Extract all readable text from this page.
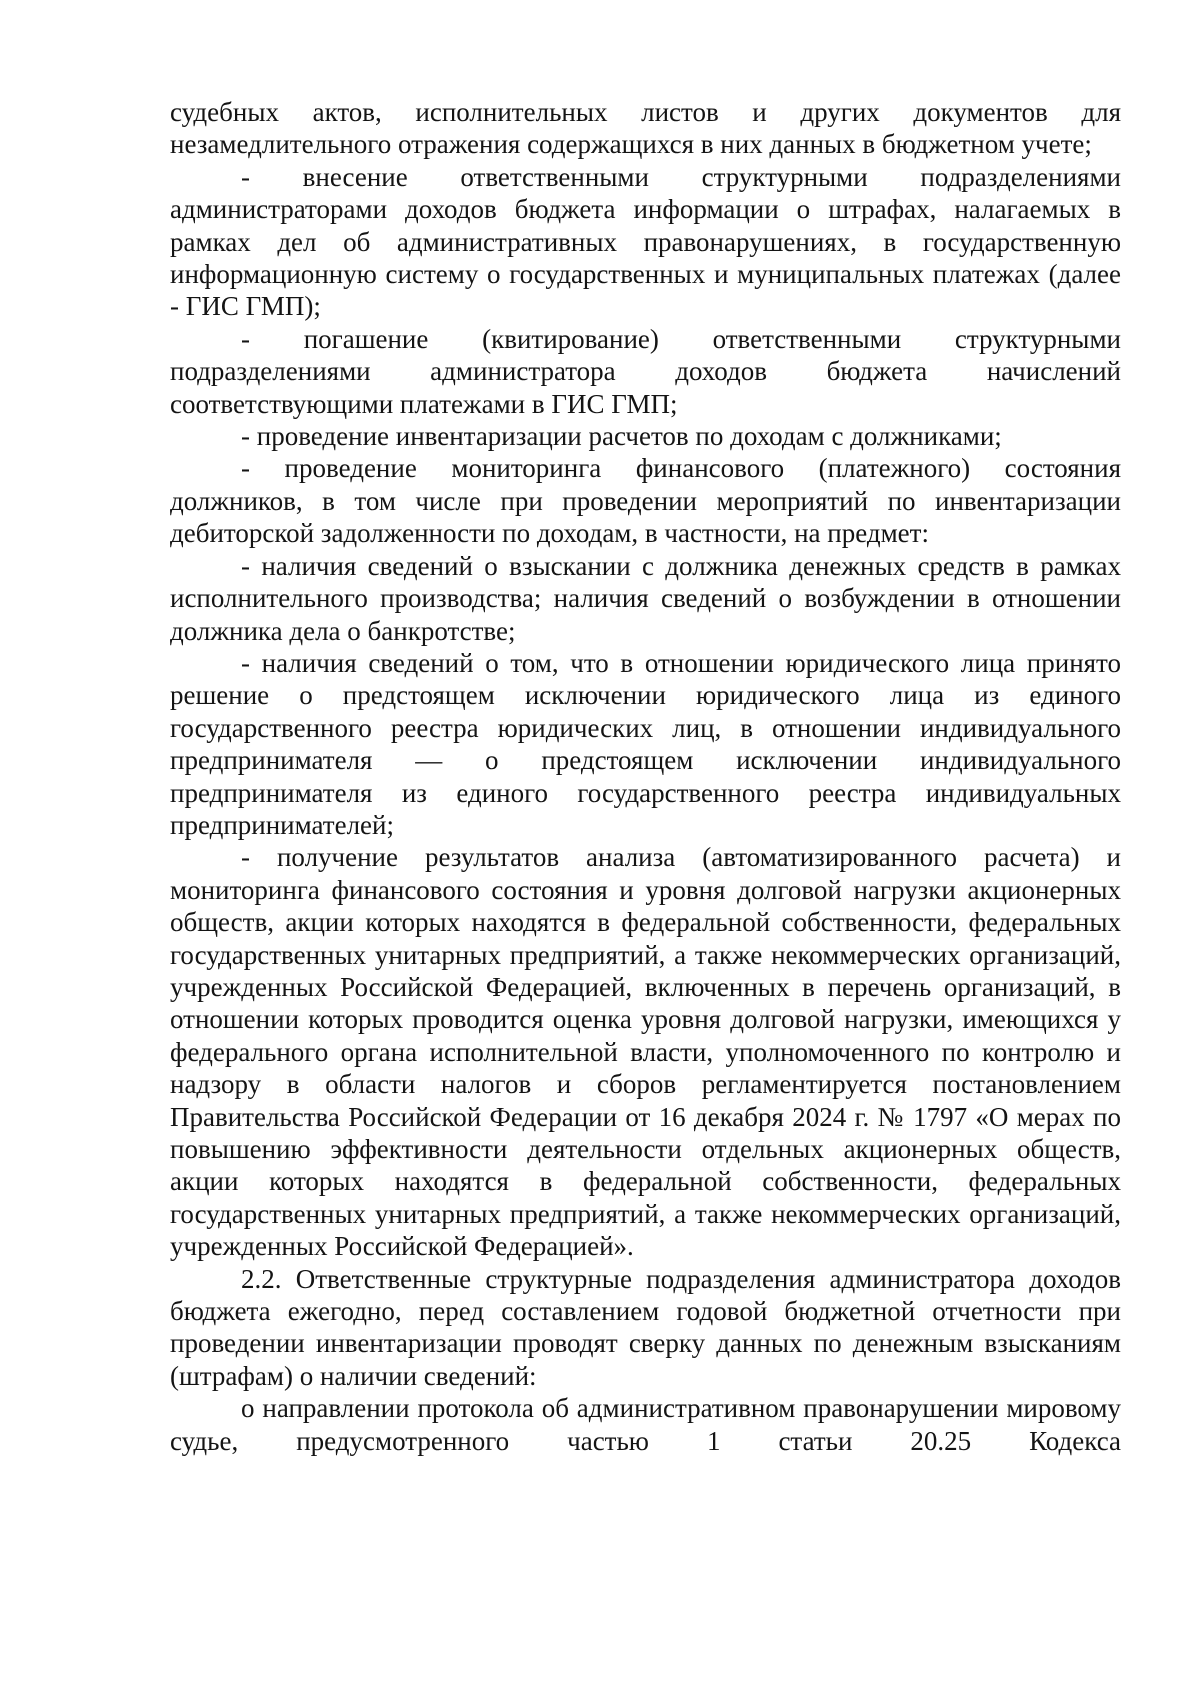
судебных актов, исполнительных листов и других документов для незамедлительного отражения содержащихся в них данных в бюджетном учете;

- внесение ответственными структурными подразделениями администраторами доходов бюджета информации о штрафах, налагаемых в рамках дел об административных правонарушениях, в государственную информационную систему о государственных и муниципальных платежах (далее - ГИС ГМП);

- погашение (квитирование) ответственными структурными подразделениями администратора доходов бюджета начислений соответствующими платежами в ГИС ГМП;

- проведение инвентаризации расчетов по доходам с должниками;

- проведение мониторинга финансового (платежного) состояния должников, в том числе при проведении мероприятий по инвентаризации дебиторской задолженности по доходам, в частности, на предмет:

- наличия сведений о взыскании с должника денежных средств в рамках исполнительного производства; наличия сведений о возбуждении в отношении должника дела о банкротстве;

- наличия сведений о том, что в отношении юридического лица принято решение о предстоящем исключении юридического лица из единого государственного реестра юридических лиц, в отношении индивидуального предпринимателя — о предстоящем исключении индивидуального предпринимателя из единого государственного реестра индивидуальных предпринимателей;

- получение результатов анализа (автоматизированного расчета) и мониторинга финансового состояния и уровня долговой нагрузки акционерных обществ, акции которых находятся в федеральной собственности, федеральных государственных унитарных предприятий, а также некоммерческих организаций, учрежденных Российской Федерацией, включенных в перечень организаций, в отношении которых проводится оценка уровня долговой нагрузки, имеющихся у федерального органа исполнительной власти, уполномоченного по контролю и надзору в области налогов и сборов регламентируется постановлением Правительства Российской Федерации от 16 декабря 2024 г. № 1797 «О мерах по повышению эффективности деятельности отдельных акционерных обществ, акции которых находятся в федеральной собственности, федеральных государственных унитарных предприятий, а также некоммерческих организаций, учрежденных Российской Федерацией».

2.2. Ответственные структурные подразделения администратора доходов бюджета ежегодно, перед составлением годовой бюджетной отчетности при проведении инвентаризации проводят сверку данных по денежным взысканиям (штрафам) о наличии сведений:

о направлении протокола об административном правонарушении мировому судье, предусмотренного частью 1 статьи 20.25 Кодекса
